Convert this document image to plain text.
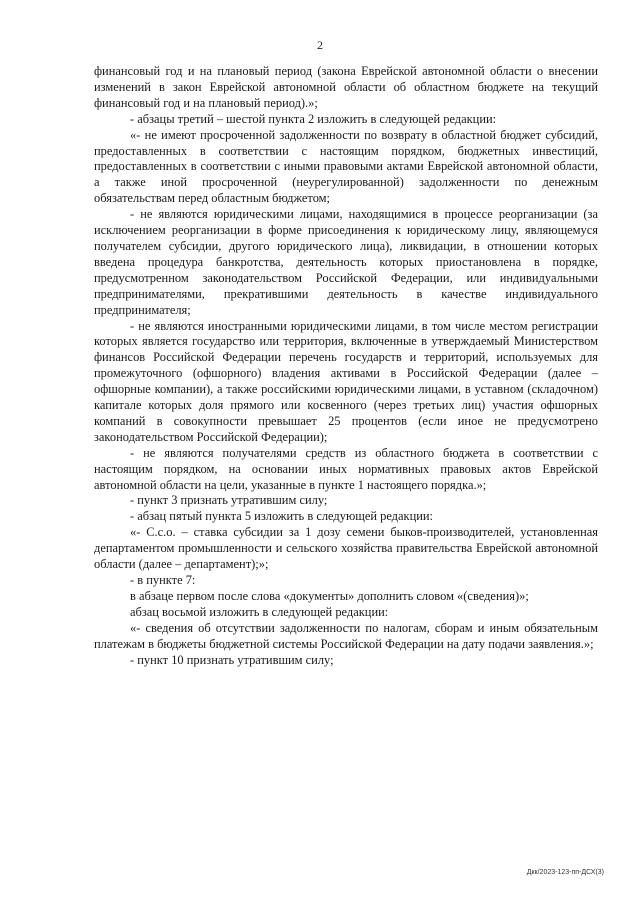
2

финансовый год и на плановый период (закона Еврейской автономной области о внесении изменений в закон Еврейской автономной области об областном бюджете на текущий финансовый год и на плановый период).»;

- абзацы третий – шестой пункта 2 изложить в следующей редакции:

«- не имеют просроченной задолженности по возврату в областной бюджет субсидий, предоставленных в соответствии с настоящим порядком, бюджетных инвестиций, предоставленных в соответствии с иными правовыми актами Еврейской автономной области, а также иной просроченной (неурегулированной) задолженности по денежным обязательствам перед областным бюджетом;

- не являются юридическими лицами, находящимися в процессе реорганизации (за исключением реорганизации в форме присоединения к юридическому лицу, являющемуся получателем субсидии, другого юридического лица), ликвидации, в отношении которых введена процедура банкротства, деятельность которых приостановлена в порядке, предусмотренном законодательством Российской Федерации, или индивидуальными предпринимателями, прекратившими деятельность в качестве индивидуального предпринимателя;

- не являются иностранными юридическими лицами, в том числе местом регистрации которых является государство или территория, включенные в утверждаемый Министерством финансов Российской Федерации перечень государств и территорий, используемых для промежуточного (офшорного) владения активами в Российской Федерации (далее – офшорные компании), а также российскими юридическими лицами, в уставном (складочном) капитале которых доля прямого или косвенного (через третьих лиц) участия офшорных компаний в совокупности превышает 25 процентов (если иное не предусмотрено законодательством Российской Федерации);

- не являются получателями средств из областного бюджета в соответствии с настоящим порядком, на основании иных нормативных правовых актов Еврейской автономной области на цели, указанные в пункте 1 настоящего порядка.»;

- пункт 3 признать утратившим силу;

- абзац пятый пункта 5 изложить в следующей редакции:

«- С.с.о. – ставка субсидии за 1 дозу семени быков-производителей, установленная департаментом промышленности и сельского хозяйства правительства Еврейской автономной области (далее – департамент);»;

- в пункте 7:

в абзаце первом после слова «документы» дополнить словом «(сведения)»;

абзац восьмой изложить в следующей редакции:

«- сведения об отсутствии задолженности по налогам, сборам и иным обязательным платежам в бюджеты бюджетной системы Российской Федерации на дату подачи заявления.»;

- пункт 10 признать утратившим силу;

Дкк/2023-123-пп-ДСХ(3)
